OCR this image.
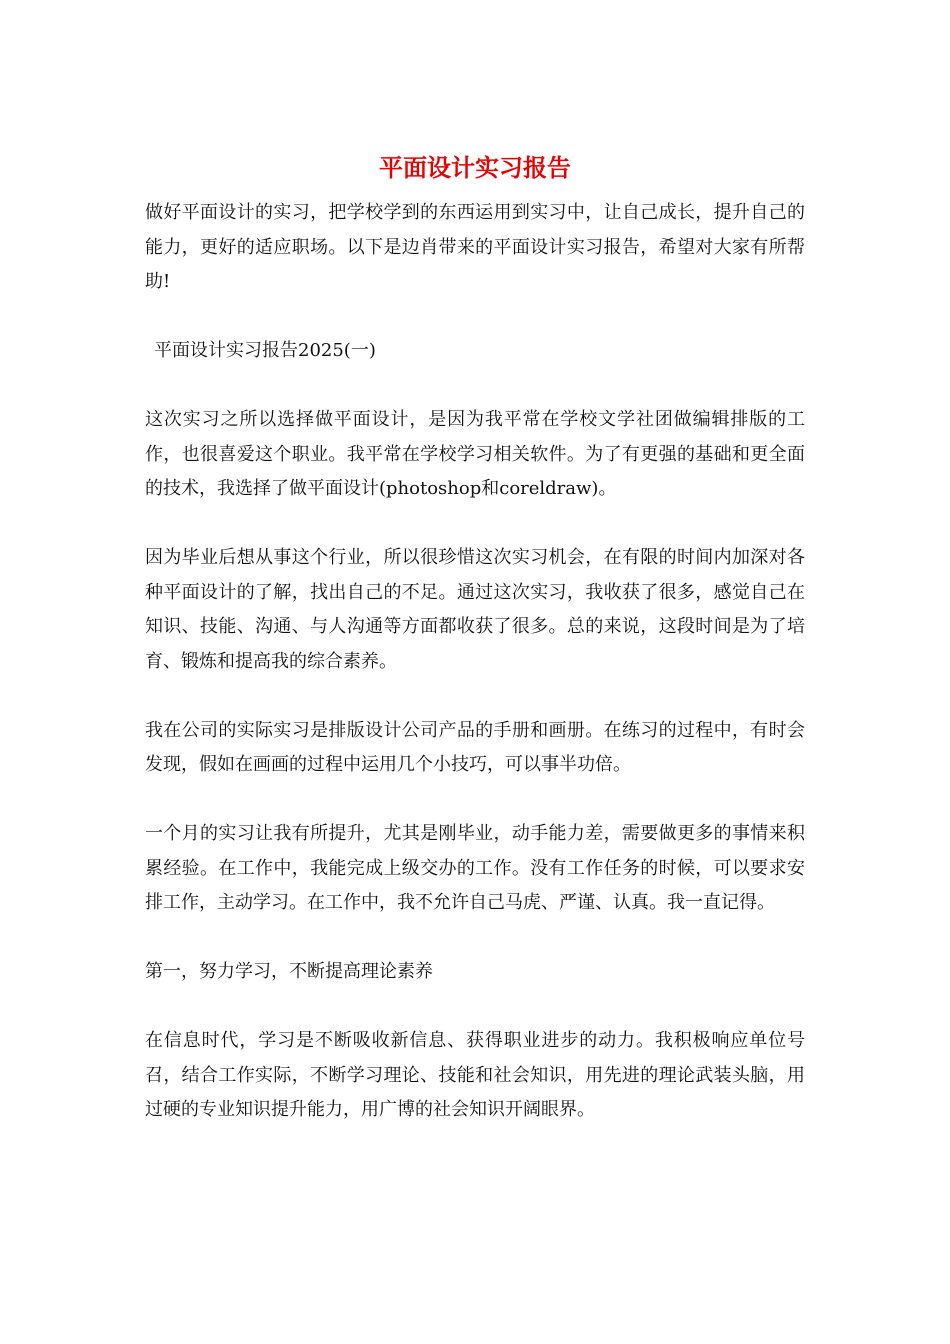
平面设计实习报告

做好平面设计的实习，把学校学到的东西运用到实习中，让自己成长，提升自己的能力，更好的适应职场。以下是边肖带来的平面设计实习报告，希望对大家有所帮助!

平面设计实习报告2025(一)

这次实习之所以选择做平面设计，是因为我平常在学校文学社团做编辑排版的工作，也很喜爱这个职业。我平常在学校学习相关软件。为了有更强的基础和更全面的技术，我选择了做平面设计(photoshop和coreldraw)。

因为毕业后想从事这个行业，所以很珍惜这次实习机会，在有限的时间内加深对各种平面设计的了解，找出自己的不足。通过这次实习，我收获了很多，感觉自己在知识、技能、沟通、与人沟通等方面都收获了很多。总的来说，这段时间是为了培育、锻炼和提高我的综合素养。

我在公司的实际实习是排版设计公司产品的手册和画册。在练习的过程中，有时会发现，假如在画画的过程中运用几个小技巧，可以事半功倍。

一个月的实习让我有所提升，尤其是刚毕业，动手能力差，需要做更多的事情来积累经验。在工作中，我能完成上级交办的工作。没有工作任务的时候，可以要求安排工作，主动学习。在工作中，我不允许自己马虎、严谨、认真。我一直记得。

第一，努力学习，不断提高理论素养

在信息时代，学习是不断吸收新信息、获得职业进步的动力。我积极响应单位号召，结合工作实际，不断学习理论、技能和社会知识，用先进的理论武装头脑，用过硬的专业知识提升能力，用广博的社会知识开阔眼界。
